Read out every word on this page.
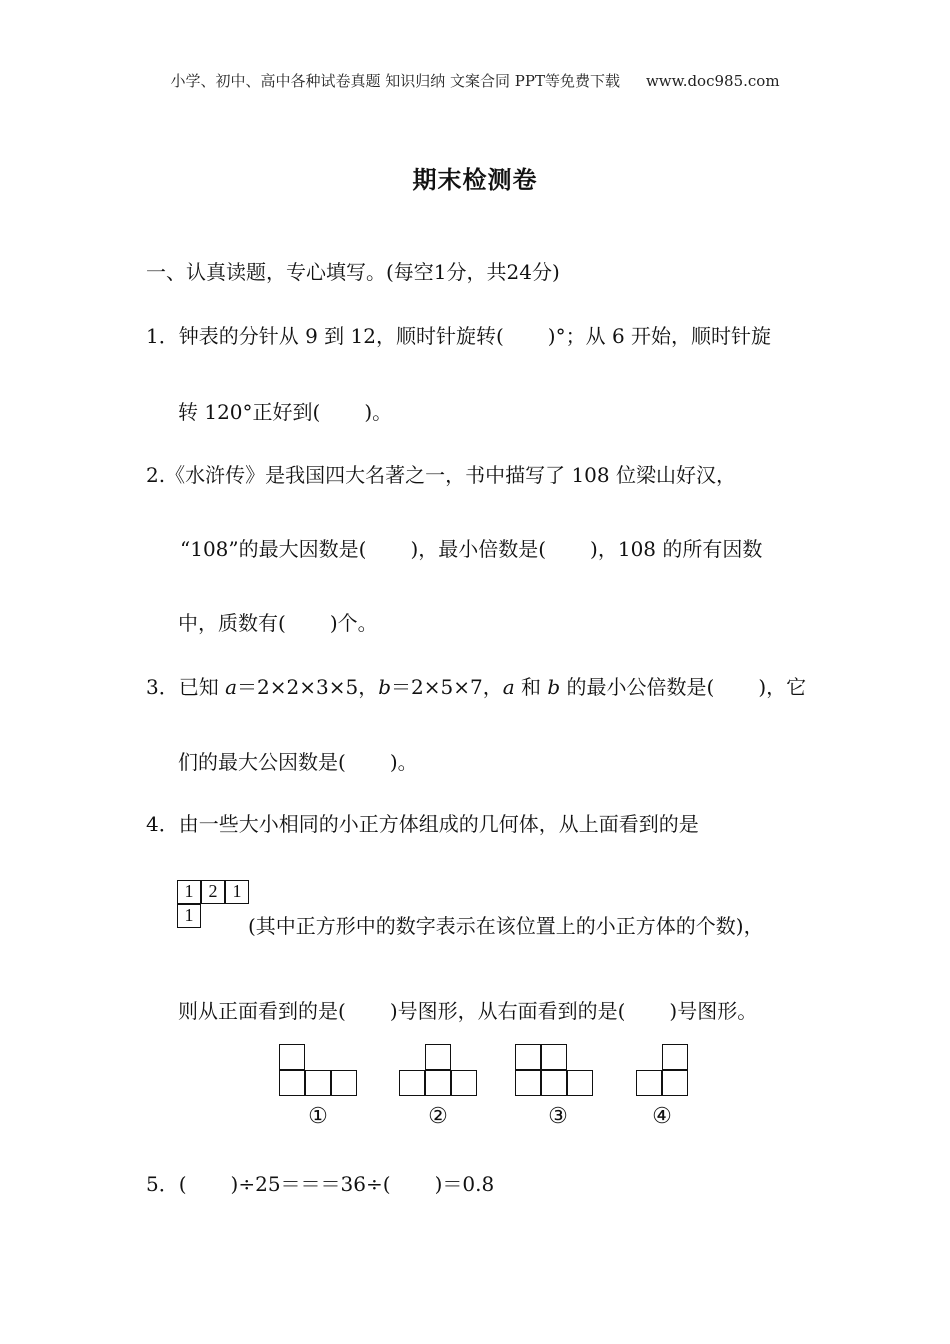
小学、初中、高中各种试卷真题 知识归纳 文案合同 PPT等免费下载 www.doc985.com
期末检测卷
一、认真读题，专心填写。(每空1分，共24分)
1．钟表的分针从 9 到 12，顺时针旋转( )°；从 6 开始，顺时针旋
转 120°正好到( )。
2.《水浒传》是我国四大名著之一，书中描写了 108 位梁山好汉，
“108”的最大因数是( )，最小倍数是( )，108 的所有因数
中，质数有( )个。
3．已知 a＝2×2×3×5，b＝2×5×7，a 和 b 的最小公倍数是( )，它
们的最大公因数是( )。
4．由一些大小相同的小正方体组成的几何体，从上面看到的是
1 2 1
1	(其中正方形中的数字表示在该位置上的小正方体的个数)，
则从正面看到的是( )号图形，从右面看到的是( )号图形。
①	②	③	④
5．( )÷25＝＝＝36÷( )＝0.8
